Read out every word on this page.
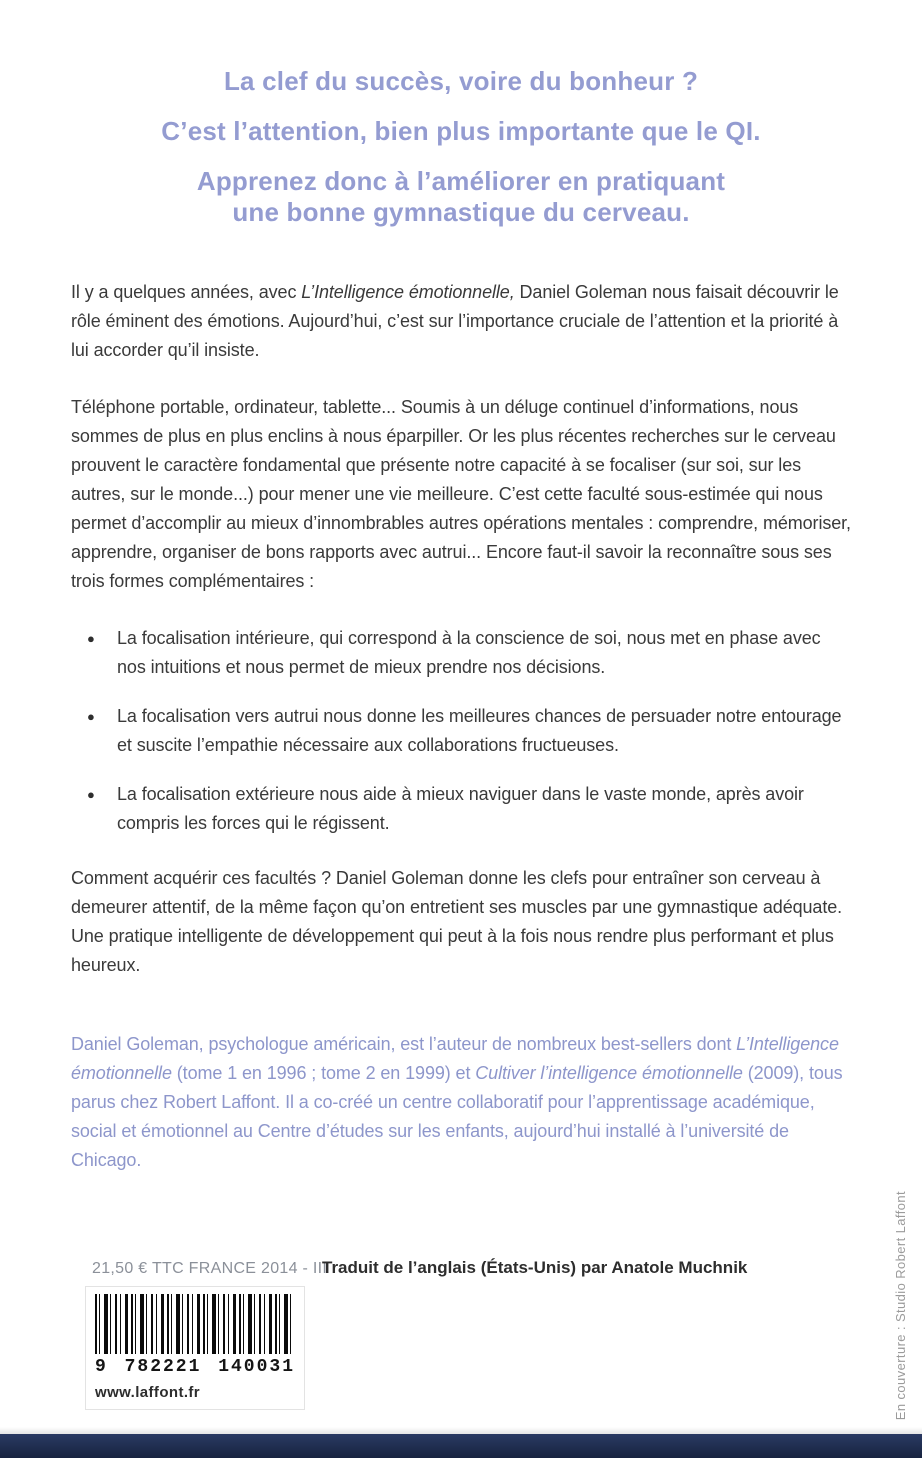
La clef du succès, voire du bonheur ?
C’est l’attention, bien plus importante que le QI.
Apprenez donc à l’améliorer en pratiquant
une bonne gymnastique du cerveau.

Il y a quelques années, avec L’Intelligence émotionnelle, Daniel Goleman nous faisait découvrir le rôle éminent des émotions. Aujourd’hui, c’est sur l’importance cruciale de l’attention et la priorité à lui accorder qu’il insiste.

Téléphone portable, ordinateur, tablette... Soumis à un déluge continuel d’informations, nous sommes de plus en plus enclins à nous éparpiller. Or les plus récentes recherches sur le cerveau prouvent le caractère fondamental que présente notre capacité à se focaliser (sur soi, sur les autres, sur le monde...) pour mener une vie meilleure. C’est cette faculté sous-estimée qui nous permet d’accomplir au mieux d’innombrables autres opérations mentales : comprendre, mémoriser, apprendre, organiser de bons rapports avec autrui... Encore faut-il savoir la reconnaître sous ses trois formes complémentaires :

●	La focalisation intérieure, qui correspond à la conscience de soi, nous met en phase avec nos intuitions et nous permet de mieux prendre nos décisions.
●	La focalisation vers autrui nous donne les meilleures chances de persuader notre entourage et suscite l’empathie nécessaire aux collaborations fructueuses.
●	La focalisation extérieure nous aide à mieux naviguer dans le vaste monde, après avoir compris les forces qui le régissent.

Comment acquérir ces facultés ? Daniel Goleman donne les clefs pour entraîner son cerveau à demeurer attentif, de la même façon qu’on entretient ses muscles par une gymnastique adéquate. Une pratique intelligente de développement qui peut à la fois nous rendre plus performant et plus heureux.

Daniel Goleman, psychologue américain, est l’auteur de nombreux best-sellers dont L’Intelligence émotionnelle (tome 1 en 1996 ; tome 2 en 1999) et Cultiver l’intelligence émotionnelle (2009), tous parus chez Robert Laffont. Il a co-créé un centre collaboratif pour l’apprentissage académique, social et émotionnel au Centre d’études sur les enfants, aujourd’hui installé à l’université de Chicago.

21,50 € TTC FRANCE 2014 - III
Traduit de l’anglais (États-Unis) par Anatole Muchnik
9 782221 140031
www.laffont.fr	En couverture : Studio Robert Laffont
